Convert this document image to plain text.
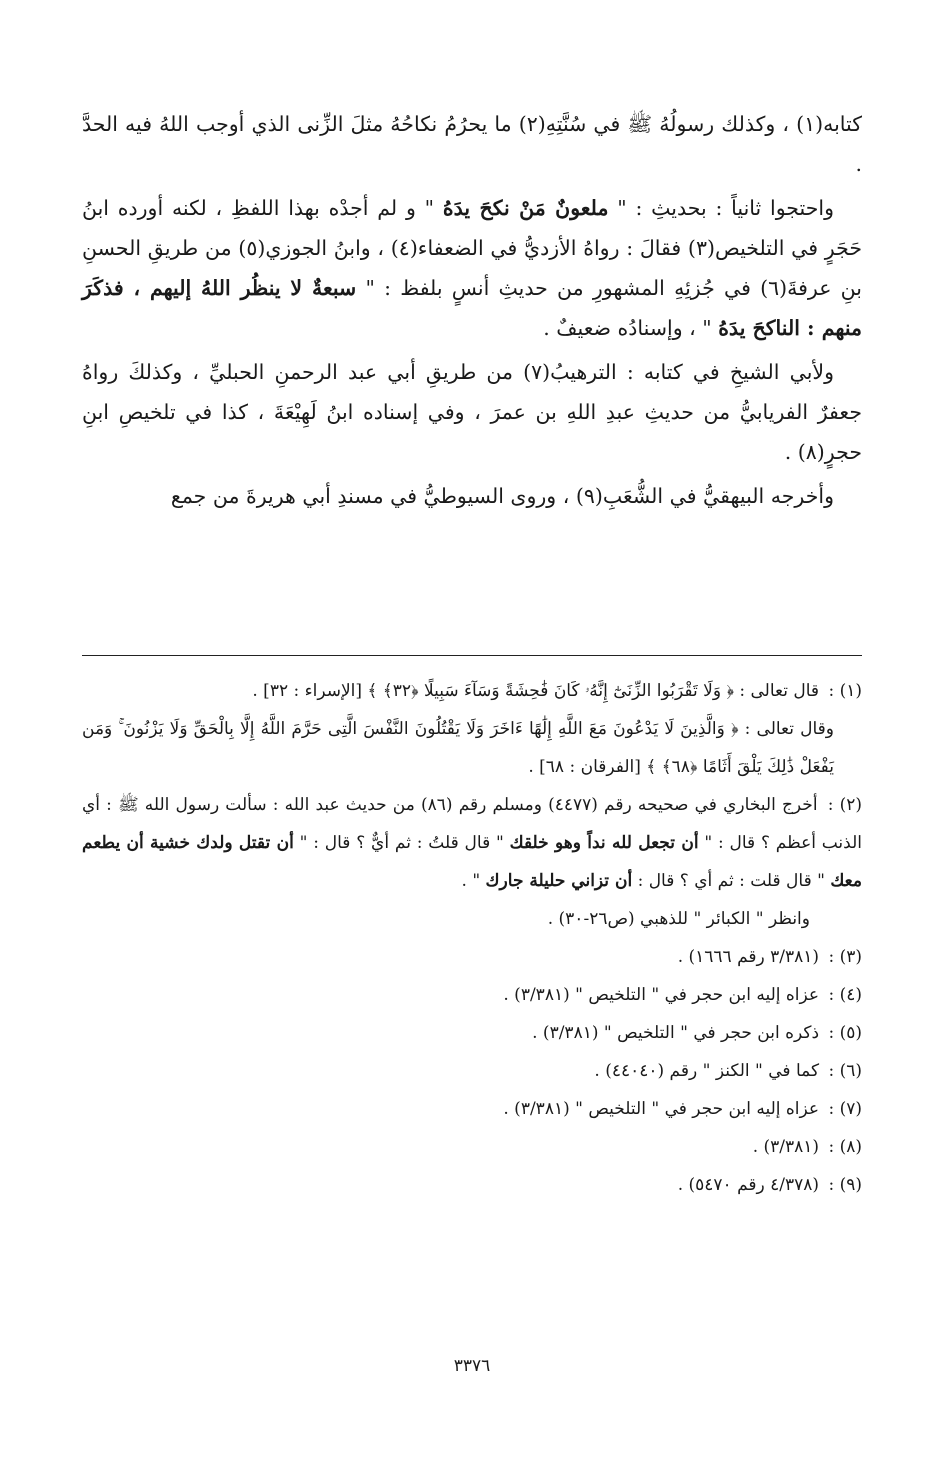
كتابه(١) ، وكذلك رسولُهُ ﷺ في سُنَّتِهِ(٢) ما يحرُمُ نكاحُهُ مثلَ الزِّنى الذي أوجب اللهُ فيه الحدَّ .

واحتجوا ثانياً : بحديثِ : " ملعونٌ مَنْ نكحَ يدَهُ " و لم أجدْه بهذا اللفظِ ، لكنه أورده ابنُ حَجَرٍ في التلخيص(٣) فقالَ : رواهُ الأزديُّ في الضعفاء(٤) ، وابنُ الجوزي(٥) من طريقِ الحسنِ بنِ عرفةَ(٦) في جُزئِهِ المشهورِ من حديثِ أنسٍ بلفظ : " سبعةٌ لا ينظُر اللهُ إليهم ، فذكَرَ منهم : الناكحَ يدَهُ " ، وإسنادُه ضعيفٌ .

ولأبي الشيخِ في كتابه : الترهيبُ(٧) من طريقِ أبي عبد الرحمنِ الحبليِّ ، وكذلكَ رواهُ جعفرٌ الفريابيُّ من حديثِ عبدِ اللهِ بن عمرَ ، وفي إسناده ابنُ لَهِيْعَةَ ، كذا في تلخيصِ ابنِ حجرٍ(٨) .

وأخرجه البيهقيُّ في الشُّعَبِ(٩) ، وروى السيوطيُّ في مسندِ أبي هريرةَ من جمع

(١) : قال تعالى : ﴿ وَلَا تَقْرَبُوا الزِّنَىٰٓ إِنَّهُۥ كَانَ فَٰحِشَةً وَسَآءَ سَبِيلًا ﴿٣٢﴾ ﴾ [الإسراء : ٣٢] .

وقال تعالى : ﴿ وَالَّذِينَ لَا يَدْعُونَ مَعَ اللَّهِ إِلَٰهًا ءَاخَرَ وَلَا يَقْتُلُونَ النَّفْسَ الَّتِى حَرَّمَ اللَّهُ إِلَّا بِالْحَقِّ وَلَا يَزْنُونَ ۚ وَمَن يَفْعَلْ ذَٰلِكَ يَلْقَ أَثَامًا ﴿٦٨﴾ ﴾ [الفرقان : ٦٨] .

(٢) : أخرج البخاري في صحيحه رقم (٤٤٧٧) ومسلم رقم (٨٦) من حديث عبد الله : سألت رسول الله ﷺ : أي الذنب أعظم ؟ قال : " أن تجعل لله نداً وهو خلقك " قال قلتُ : ثم أيٌّ ؟ قال : " أن تقتل ولدك خشية أن يطعم معك " قال قلت : ثم أي ؟ قال : أن تزاني حليلة جارك " .

وانظر " الكبائر " للذهبي (ص٢٦-٣٠) .

(٣) : (٣/٣٨١ رقم ١٦٦٦) .

(٤) : عزاه إليه ابن حجر في " التلخيص " (٣/٣٨١) .

(٥) : ذكره ابن حجر في " التلخيص " (٣/٣٨١) .

(٦) : كما في " الكنز " رقم (٤٤٠٤٠) .

(٧) : عزاه إليه ابن حجر في " التلخيص " (٣/٣٨١) .

(٨) : (٣/٣٨١) .

(٩) : (٤/٣٧٨ رقم ٥٤٧٠) .

٣٣٧٦
